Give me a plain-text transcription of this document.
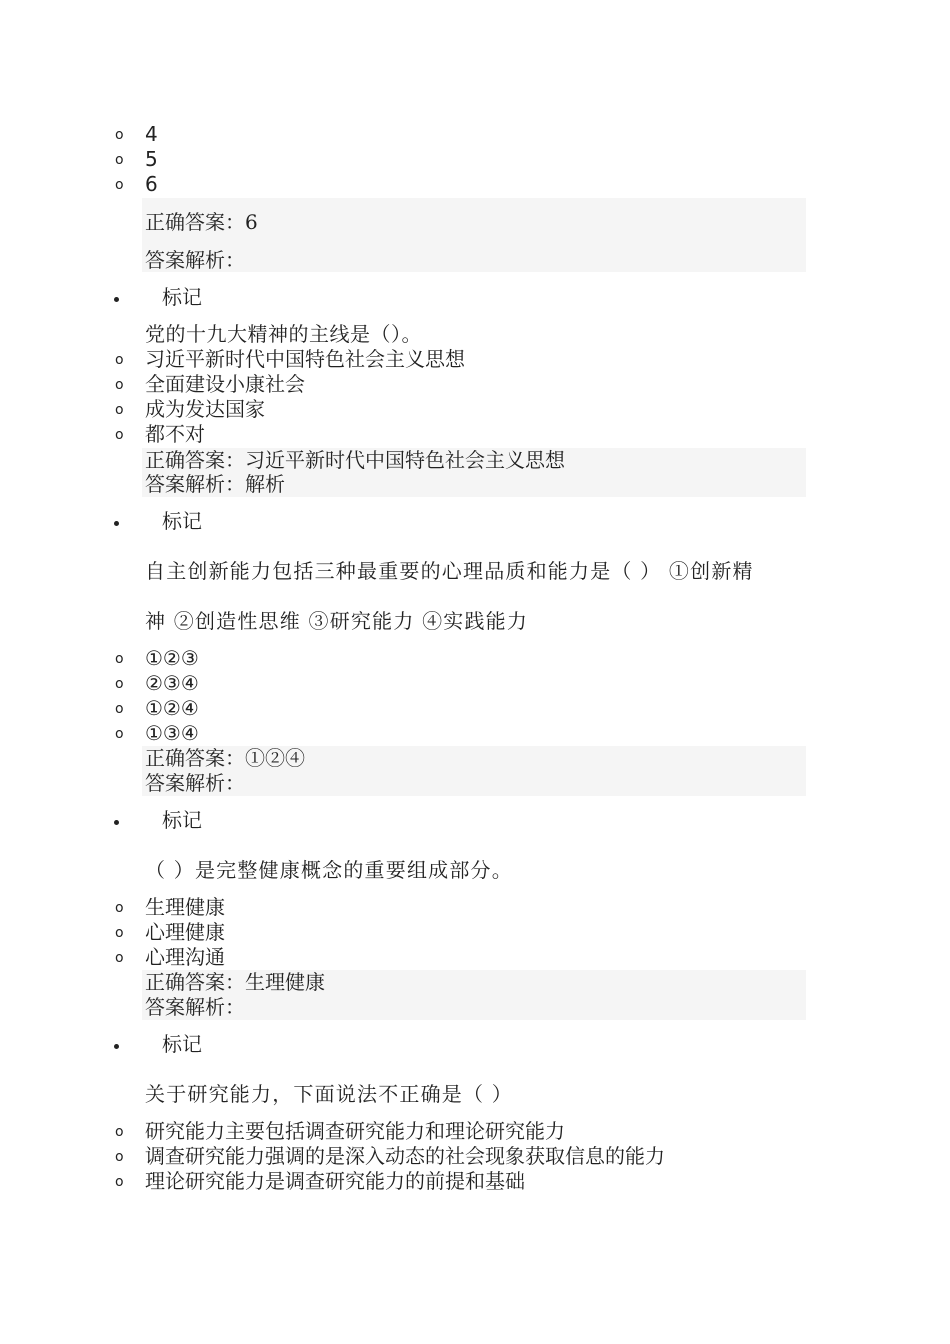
o 4
o 5
o 6
正确答案：6
答案解析：
标记
党的十九大精神的主线是（）。
o 习近平新时代中国特色社会主义思想
o 全面建设小康社会
o 成为发达国家
o 都不对
正确答案：习近平新时代中国特色社会主义思想
答案解析：解析
标记
自主创新能力包括三种最重要的心理品质和能力是（ ） ①创新精
神 ②创造性思维 ③研究能力 ④实践能力
o ①②③
o ②③④
o ①②④
o ①③④
正确答案：①②④
答案解析：
标记
（ ）是完整健康概念的重要组成部分。
o 生理健康
o 心理健康
o 心理沟通
正确答案：生理健康
答案解析：
标记
关于研究能力，下面说法不正确是（ ）
o 研究能力主要包括调查研究能力和理论研究能力
o 调查研究能力强调的是深入动态的社会现象获取信息的能力
o 理论研究能力是调查研究能力的前提和基础
